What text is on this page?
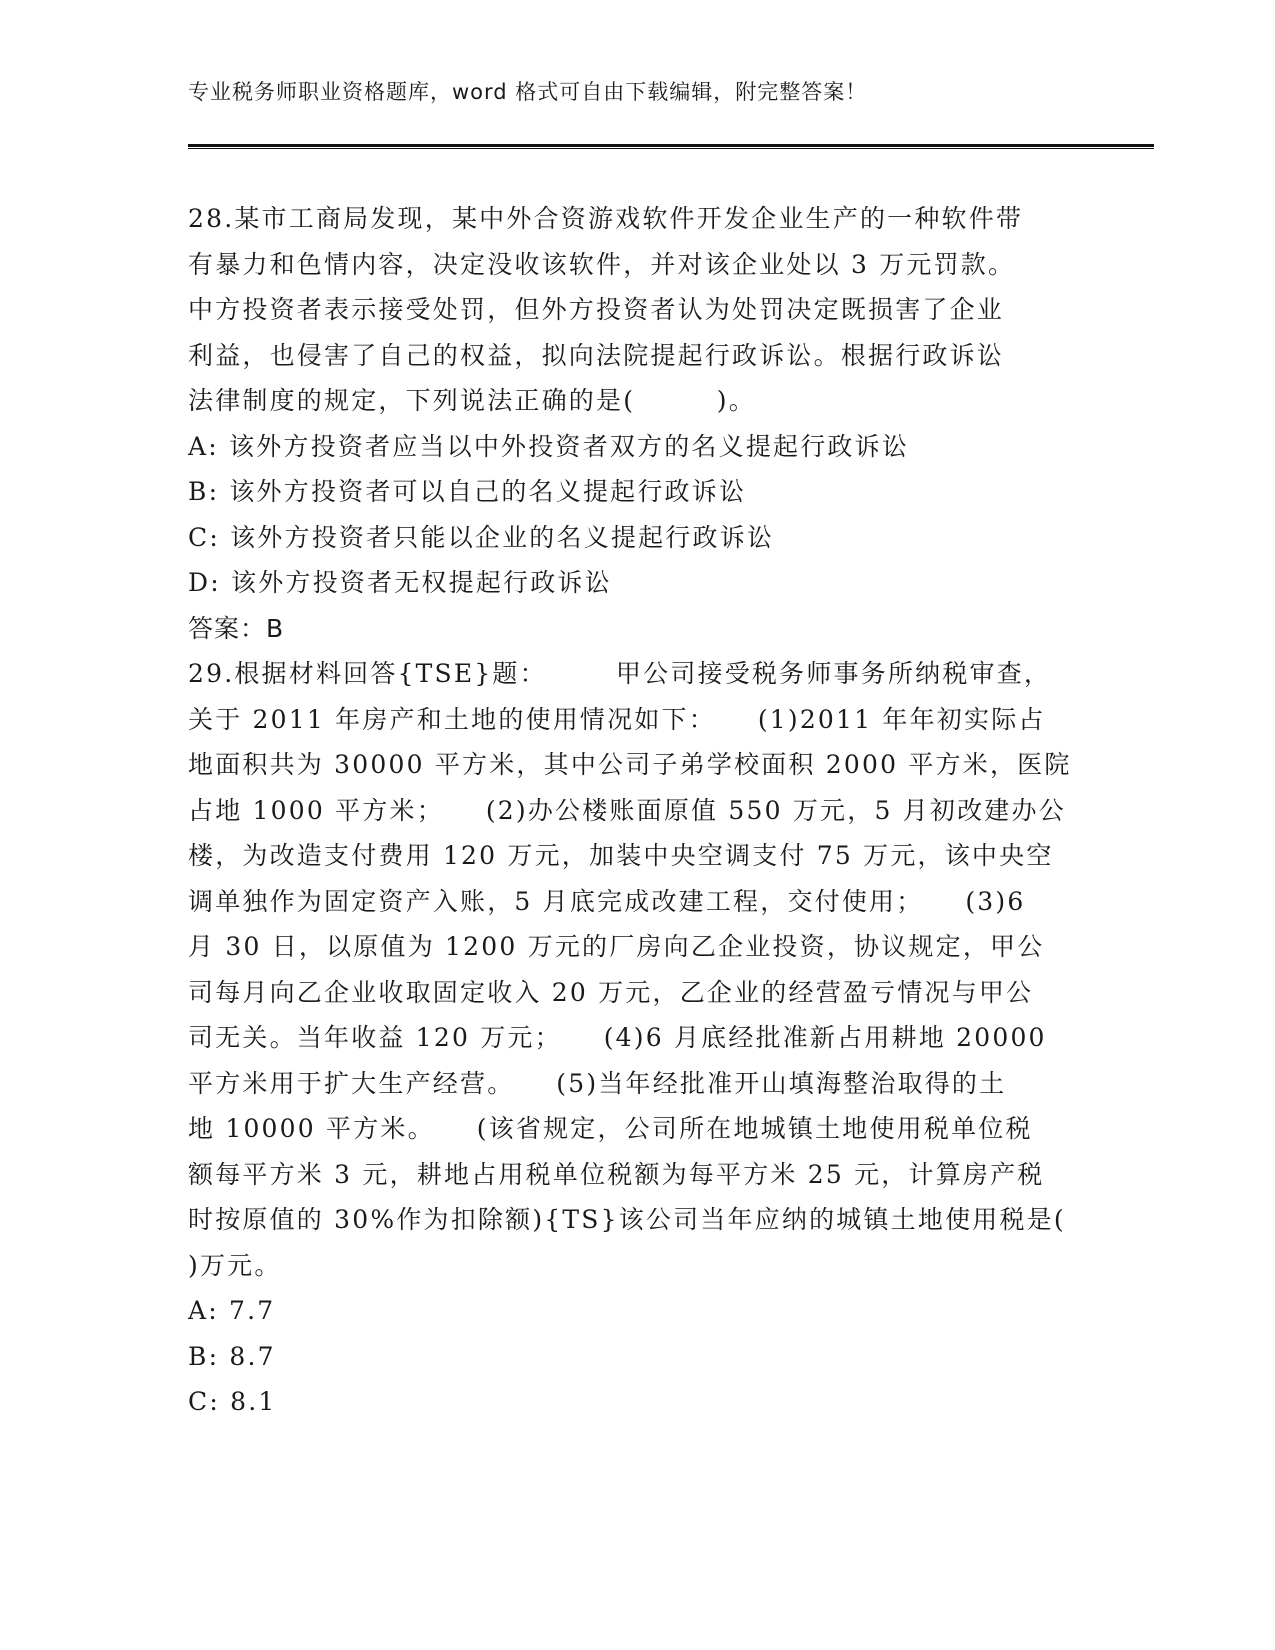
专业税务师职业资格题库，word 格式可自由下载编辑，附完整答案！
28.某市工商局发现，某中外合资游戏软件开发企业生产的一种软件带
有暴力和色情内容，决定没收该软件，并对该企业处以 3 万元罚款。
中方投资者表示接受处罚，但外方投资者认为处罚决定既损害了企业
利益，也侵害了自己的权益，拟向法院提起行政诉讼。根据行政诉讼
法律制度的规定，下列说法正确的是(　　　)。
A: 该外方投资者应当以中外投资者双方的名义提起行政诉讼
B: 该外方投资者可以自己的名义提起行政诉讼
C: 该外方投资者只能以企业的名义提起行政诉讼
D: 该外方投资者无权提起行政诉讼
答案：B
29.根据材料回答{TSE}题：　　　甲公司接受税务师事务所纳税审查，
关于 2011 年房产和土地的使用情况如下：　　(1)2011 年年初实际占
地面积共为 30000 平方米，其中公司子弟学校面积 2000 平方米，医院
占地 1000 平方米；　　(2)办公楼账面原值 550 万元，5 月初改建办公
楼，为改造支付费用 120 万元，加装中央空调支付 75 万元，该中央空
调单独作为固定资产入账，5 月底完成改建工程，交付使用；　　(3)6
月 30 日，以原值为 1200 万元的厂房向乙企业投资，协议规定，甲公
司每月向乙企业收取固定收入 20 万元，乙企业的经营盈亏情况与甲公
司无关。当年收益 120 万元；　　(4)6 月底经批准新占用耕地 20000
平方米用于扩大生产经营。　　(5)当年经批准开山填海整治取得的土
地 10000 平方米。　　(该省规定，公司所在地城镇土地使用税单位税
额每平方米 3 元，耕地占用税单位税额为每平方米 25 元，计算房产税
时按原值的 30%作为扣除额){TS}该公司当年应纳的城镇土地使用税是(
)万元。
A: 7.7
B: 8.7
C: 8.1
